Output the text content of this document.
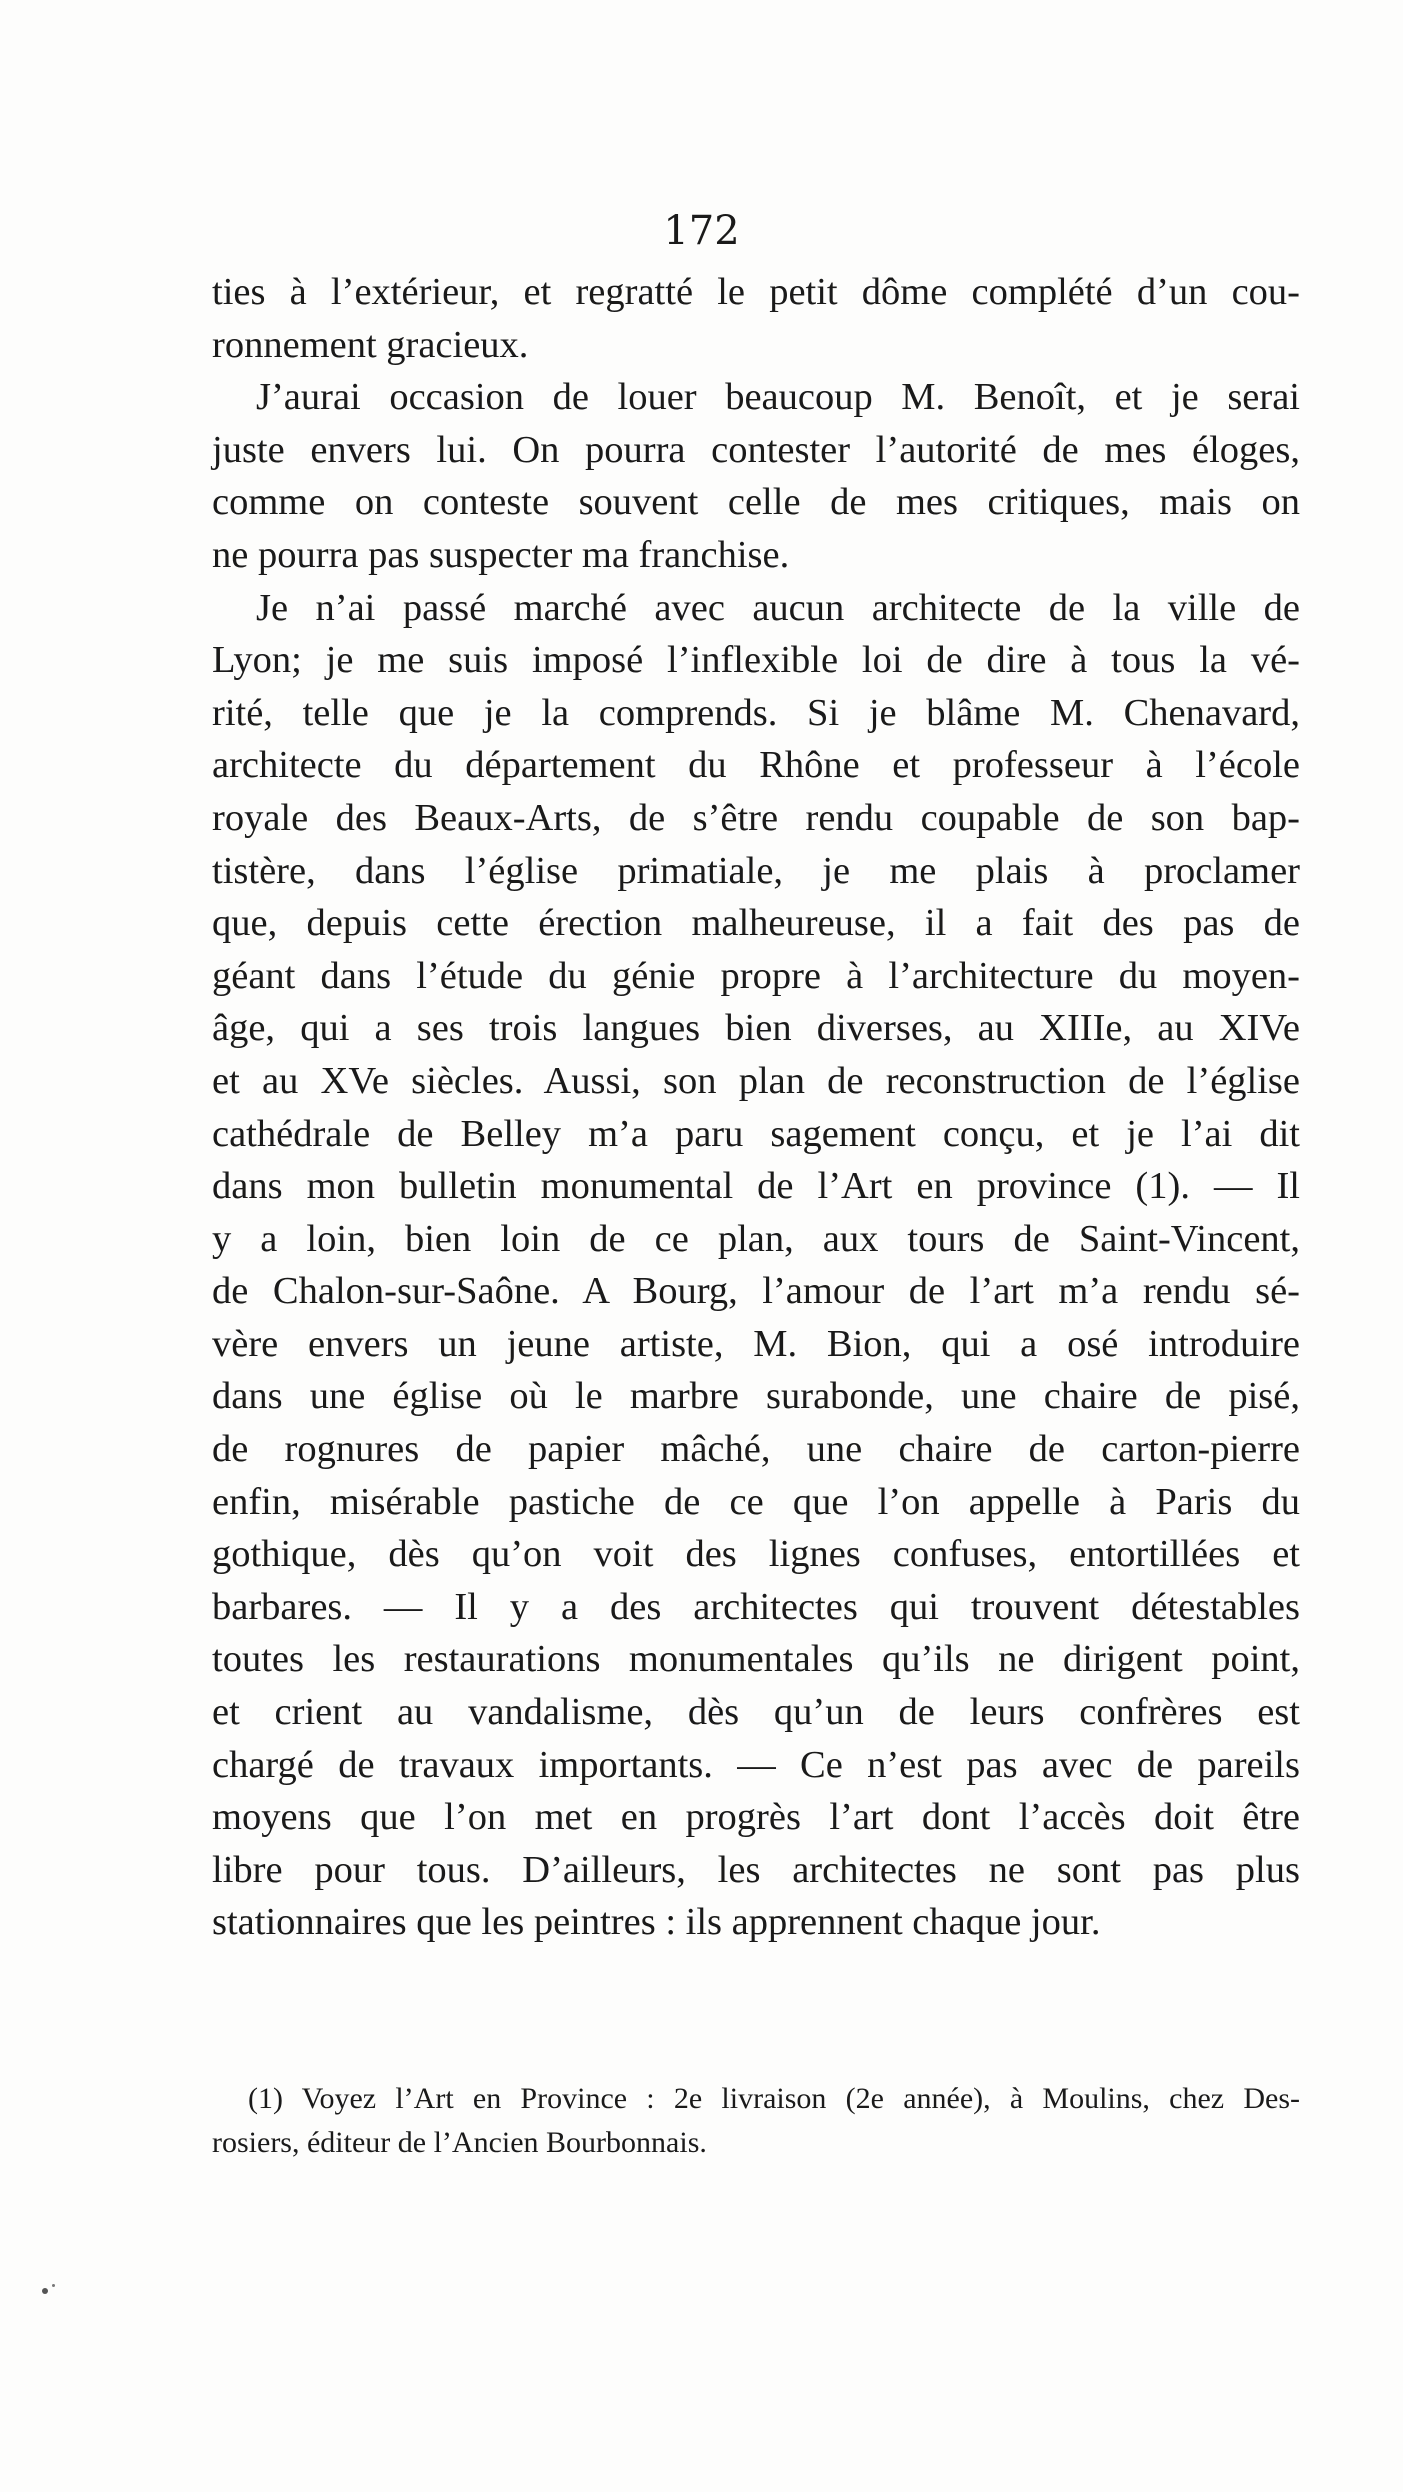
172

ties à l’extérieur, et regratté le petit dôme complété d’un cou-
ronnement gracieux.

J’aurai occasion de louer beaucoup M. Benoît, et je serai
juste envers lui. On pourra contester l’autorité de mes éloges,
comme on conteste souvent celle de mes critiques, mais on
ne pourra pas suspecter ma franchise.

Je n’ai passé marché avec aucun architecte de la ville de
Lyon; je me suis imposé l’inflexible loi de dire à tous la vé-
rité, telle que je la comprends. Si je blâme M. Chenavard,
architecte du département du Rhône et professeur à l’école
royale des Beaux-Arts, de s’être rendu coupable de son bap-
tistère, dans l’église primatiale, je me plais à proclamer
que, depuis cette érection malheureuse, il a fait des pas de
géant dans l’étude du génie propre à l’architecture du moyen-
âge, qui a ses trois langues bien diverses, au XIIIe, au XIVe
et au XVe siècles. Aussi, son plan de reconstruction de l’église
cathédrale de Belley m’a paru sagement conçu, et je l’ai dit
dans mon bulletin monumental de l’Art en province (1). — Il
y a loin, bien loin de ce plan, aux tours de Saint-Vincent,
de Chalon-sur-Saône. A Bourg, l’amour de l’art m’a rendu sé-
vère envers un jeune artiste, M. Bion, qui a osé introduire
dans une église où le marbre surabonde, une chaire de pisé,
de rognures de papier mâché, une chaire de carton-pierre
enfin, misérable pastiche de ce que l’on appelle à Paris du
gothique, dès qu’on voit des lignes confuses, entortillées et
barbares. — Il y a des architectes qui trouvent détestables
toutes les restaurations monumentales qu’ils ne dirigent point,
et crient au vandalisme, dès qu’un de leurs confrères est
chargé de travaux importants. — Ce n’est pas avec de pareils
moyens que l’on met en progrès l’art dont l’accès doit être
libre pour tous. D’ailleurs, les architectes ne sont pas plus
stationnaires que les peintres : ils apprennent chaque jour.

(1) Voyez l’Art en Province : 2e livraison (2e année), à Moulins, chez Des-
rosiers, éditeur de l’Ancien Bourbonnais.
